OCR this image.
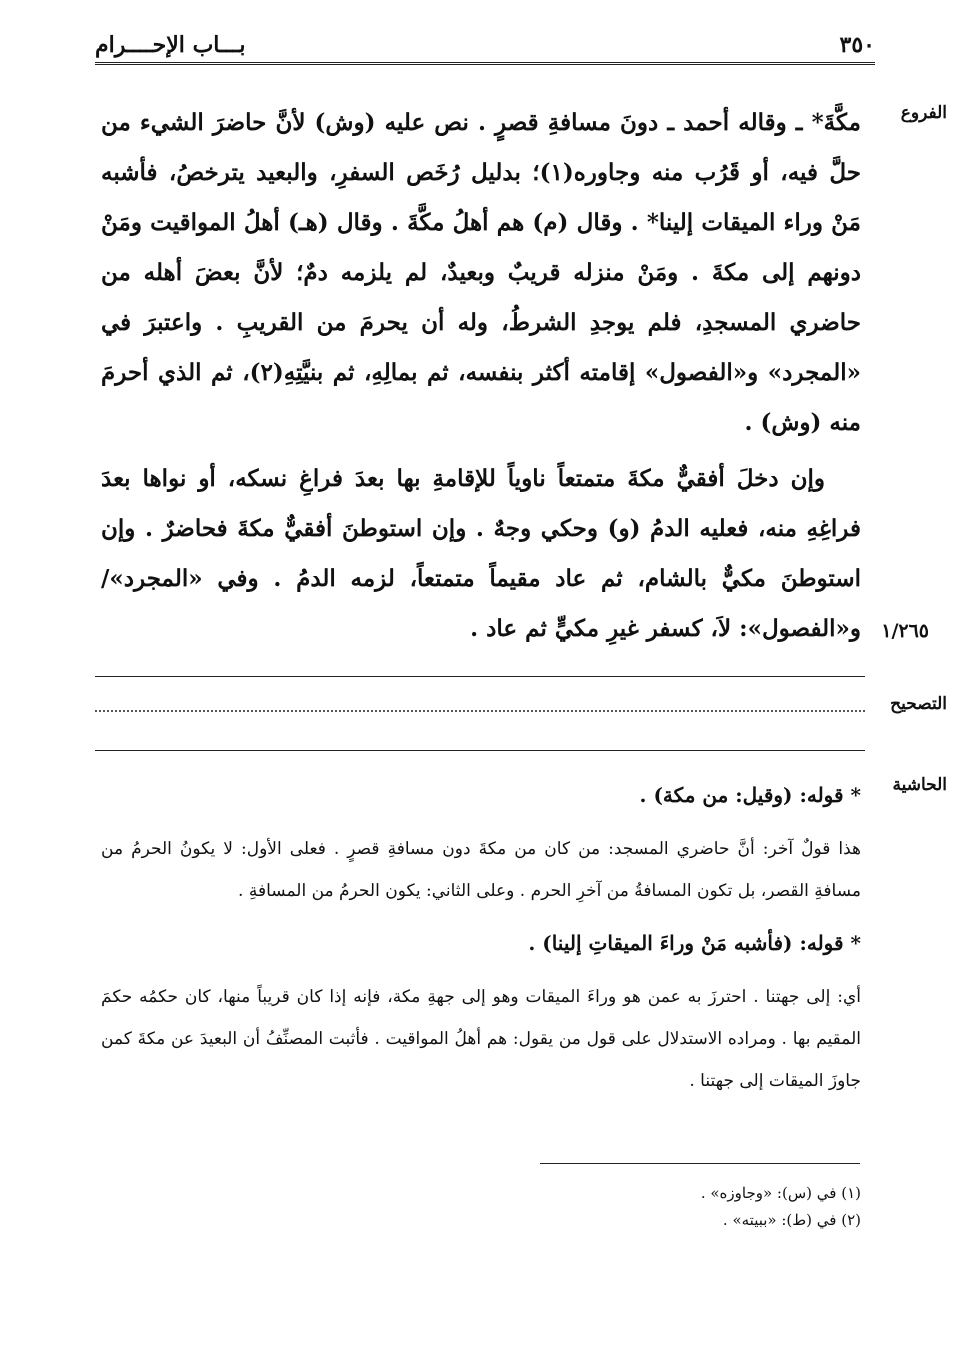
٣٥٠
بـــاب الإحــــرام
الفروع
١/٢٦٥
التصحيح
الحاشية

مكَّةَ* ـ وقاله أحمد ـ دونَ مسافةِ قصرٍ . نص عليه (وش) لأنَّ حاضرَ الشيء من حلَّ فيه، أو قَرُب منه وجاوره(١)؛ بدليل رُخَص السفرِ، والبعيد يترخصُ، فأشبه مَنْ وراء الميقات إلينا* . وقال (م) هم أهلُ مكَّةَ . وقال (هـ) أهلُ المواقيت ومَنْ دونهم إلى مكةَ . ومَنْ منزله قريبٌ وبعيدٌ، لم يلزمه دمٌ؛ لأنَّ بعضَ أهله من حاضري المسجدِ، فلم يوجدِ الشرطُ، وله أن يحرمَ من القريبِ . واعتبرَ في «المجرد» و«الفصول» إقامته أكثر بنفسه، ثم بمالِهِ، ثم بنيَّتِهِ(٢)، ثم الذي أحرمَ منه (وش) .

وإن دخلَ أفقيٌّ مكةَ متمتعاً ناوياً للإقامةِ بها بعدَ فراغِ نسكه، أو نواها بعدَ فراغِهِ منه، فعليه الدمُ (و) وحكي وجهٌ . وإن استوطنَ أفقيٌّ مكةَ فحاضرٌ . وإن استوطنَ مكيٌّ بالشام، ثم عاد مقيماً متمتعاً، لزمه الدمُ . وفي «المجرد»/ و«الفصول»: لاَ، كسفر غيرِ مكيٍّ ثم عاد .

* قوله: (وقيل: من مكة) .

هذا قولٌ آخر: أنَّ حاضري المسجد: من كان من مكةَ دون مسافةِ قصرٍ . فعلى الأول: لا يكونُ الحرمُ من مسافةِ القصر، بل تكون المسافةُ من آخرِ الحرم . وعلى الثاني: يكون الحرمُ من المسافةِ .

* قوله: (فأشبه مَنْ وراءَ الميقاتِ إلينا) .

أي: إلى جهتنا . احترزَ به عمن هو وراءَ الميقات وهو إلى جهةِ مكة، فإنه إذا كان قريباً منها، كان حكمُه حكمَ المقيم بها . ومراده الاستدلال على قول من يقول: هم أهلُ المواقيت . فأثبت المصنِّفُ أن البعيدَ عن مكةَ كمن جاوزَ الميقات إلى جهتنا .

(١) في (س): «وجاوزه» .

(٢) في (ط): «ببيته» .
